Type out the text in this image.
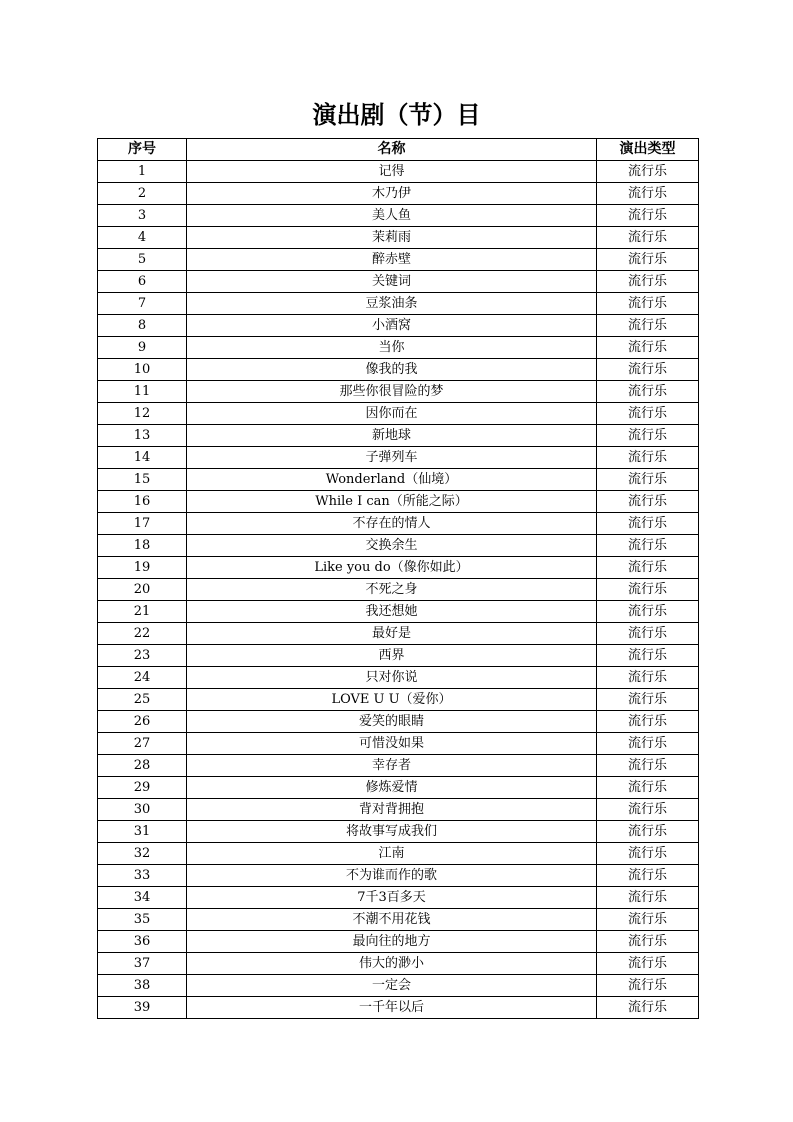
演出剧（节）目
序号	名称	演出类型
1	记得	流行乐
2	木乃伊	流行乐
3	美人鱼	流行乐
4	茉莉雨	流行乐
5	醉赤壁	流行乐
6	关键词	流行乐
7	豆浆油条	流行乐
8	小酒窝	流行乐
9	当你	流行乐
10	像我的我	流行乐
11	那些你很冒险的梦	流行乐
12	因你而在	流行乐
13	新地球	流行乐
14	子弹列车	流行乐
15	Wonderland（仙境）	流行乐
16	While I can（所能之际）	流行乐
17	不存在的情人	流行乐
18	交换余生	流行乐
19	Like you do（像你如此）	流行乐
20	不死之身	流行乐
21	我还想她	流行乐
22	最好是	流行乐
23	西界	流行乐
24	只对你说	流行乐
25	LOVE U U（爱你）	流行乐
26	爱笑的眼睛	流行乐
27	可惜没如果	流行乐
28	幸存者	流行乐
29	修炼爱情	流行乐
30	背对背拥抱	流行乐
31	将故事写成我们	流行乐
32	江南	流行乐
33	不为谁而作的歌	流行乐
34	7千3百多天	流行乐
35	不潮不用花钱	流行乐
36	最向往的地方	流行乐
37	伟大的渺小	流行乐
38	一定会	流行乐
39	一千年以后	流行乐
